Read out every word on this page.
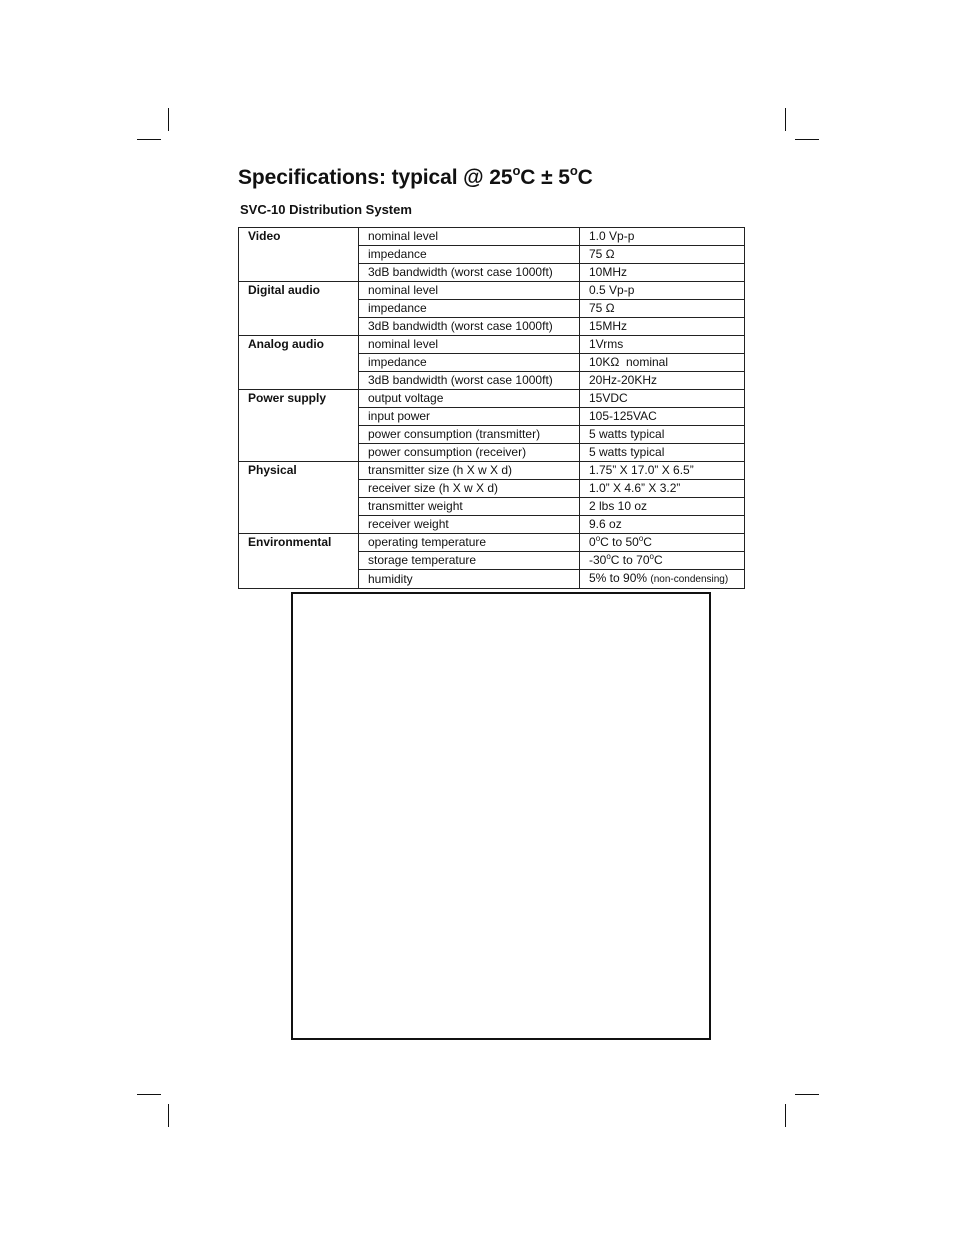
Specifications: typical @ $25^oC \pm 5^oC$
SVC-10 Distribution System
Video	nominal level	1.0 Vp-p
	impedance	75 Ω
	3dB bandwidth (worst case 1000ft)	10MHz
Digital audio	nominal level	0.5 Vp-p
	impedance	75 Ω
	3dB bandwidth (worst case 1000ft)	15MHz
Analog audio	nominal level	1Vrms
	impedance	10KΩ  nominal
	3dB bandwidth (worst case 1000ft)	20Hz-20KHz
Power supply	output voltage	15VDC
	input power	105-125VAC
	power consumption (transmitter)	5 watts typical
	power consumption (receiver)	5 watts typical
Physical	transmitter size (h X w X d)	1.75” X 17.0” X 6.5”
	receiver size (h X w X d)	1.0” X 4.6” X 3.2”
	transmitter weight	2 lbs 10 oz
	receiver weight	9.6 oz
Environmental	operating temperature	0$^o$C to 50$^o$C
	storage temperature	-30$^o$C to 70$^o$C
	humidity	5% to 90% (non-condensing)
